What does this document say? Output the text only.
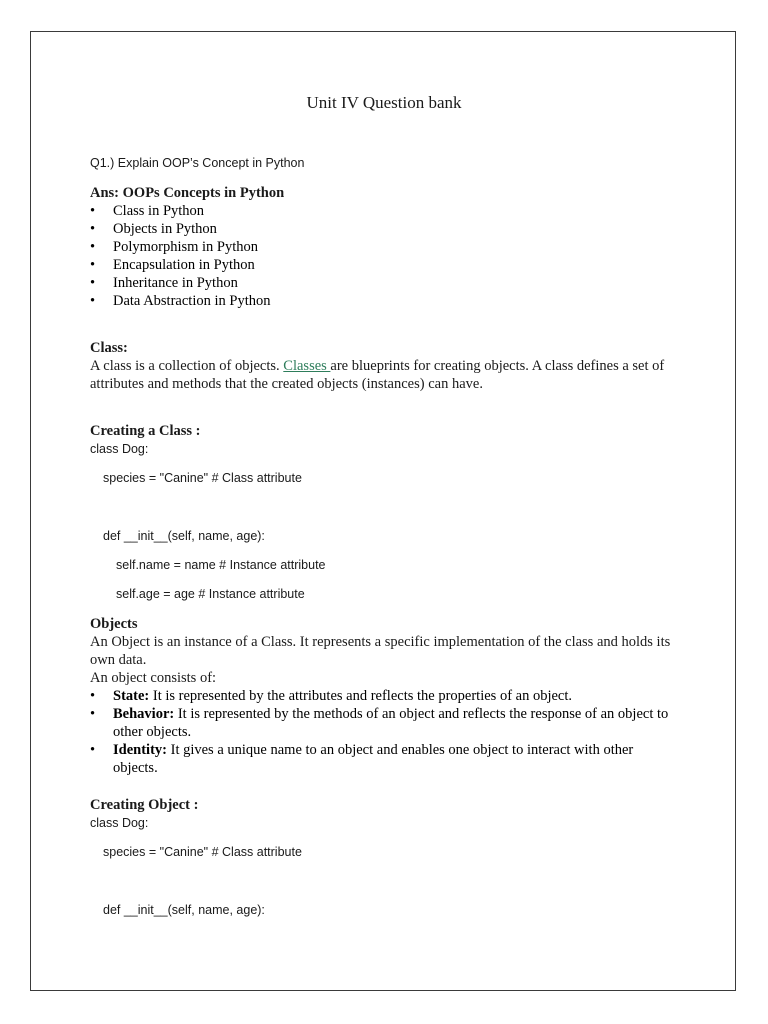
Unit IV Question bank
Q1.) Explain OOP’s Concept in Python
Ans: OOPs Concepts in Python
• Class in Python
• Objects in Python
• Polymorphism in Python
• Encapsulation in Python
• Inheritance in Python
• Data Abstraction in Python
Class:
A class is a collection of objects. Classes are blueprints for creating objects. A class defines a set of attributes and methods that the created objects (instances) can have.
Creating a Class :
class Dog:
species = "Canine" # Class attribute
def __init__(self, name, age):
self.name = name # Instance attribute
self.age = age # Instance attribute
Objects
An Object is an instance of a Class. It represents a specific implementation of the class and holds its own data.
An object consists of:
• State: It is represented by the attributes and reflects the properties of an object.
• Behavior: It is represented by the methods of an object and reflects the response of an object to other objects.
• Identity: It gives a unique name to an object and enables one object to interact with other objects.
Creating Object :
class Dog:
species = "Canine" # Class attribute
def __init__(self, name, age):
